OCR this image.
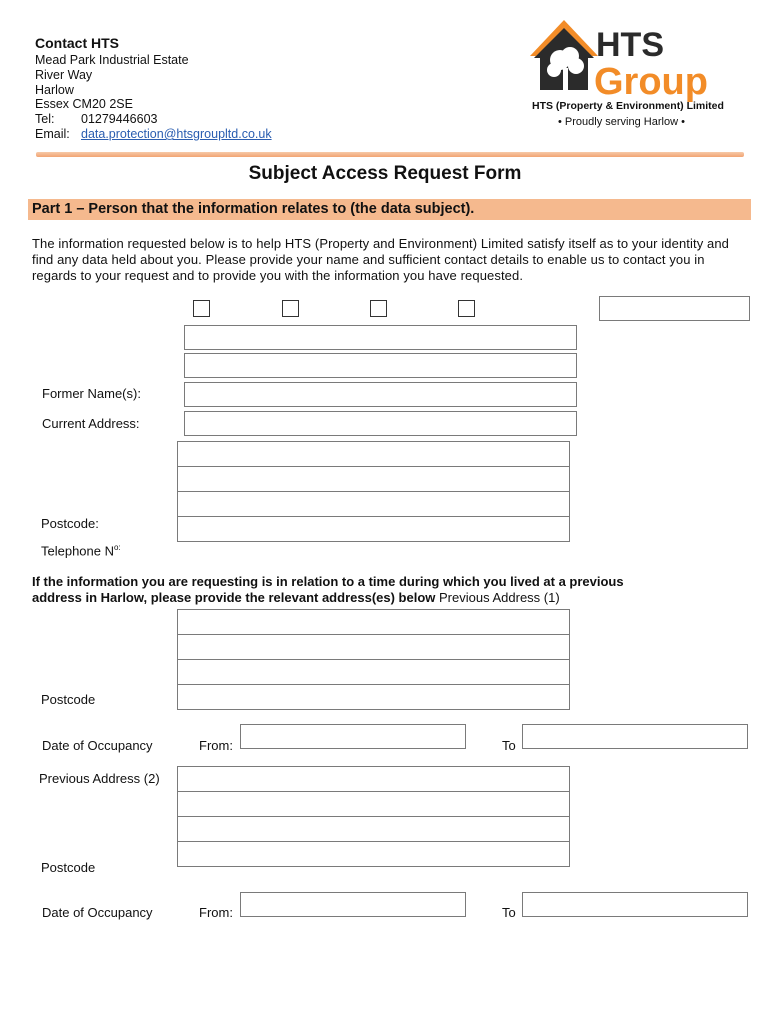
Contact HTS
Mead Park Industrial Estate
River Way
Harlow
Essex CM20 2SE
Tel: 01279446603
Email: data.protection@htsgroupltd.co.uk
HTS
Group
HTS (Property & Environment) Limited
• Proudly serving Harlow •
Subject Access Request Form
Part 1 – Person that the information relates to (the data subject).
The information requested below is to help HTS (Property and Environment) Limited satisfy itself as to your identity and find any data held about you. Please provide your name and sufficient contact details to enable us to contact you in regards to your request and to provide you with the information you have requested.
Former Name(s):
Current Address:
Postcode:
Telephone $N^{o:}$
If the information you are requesting is in relation to a time during which you lived at a previous
address in Harlow, please provide the relevant address(es) below Previous Address (1)
Postcode
Date of Occupancy	From:	To
Previous Address (2)
Postcode
Date of Occupancy	From:	To
